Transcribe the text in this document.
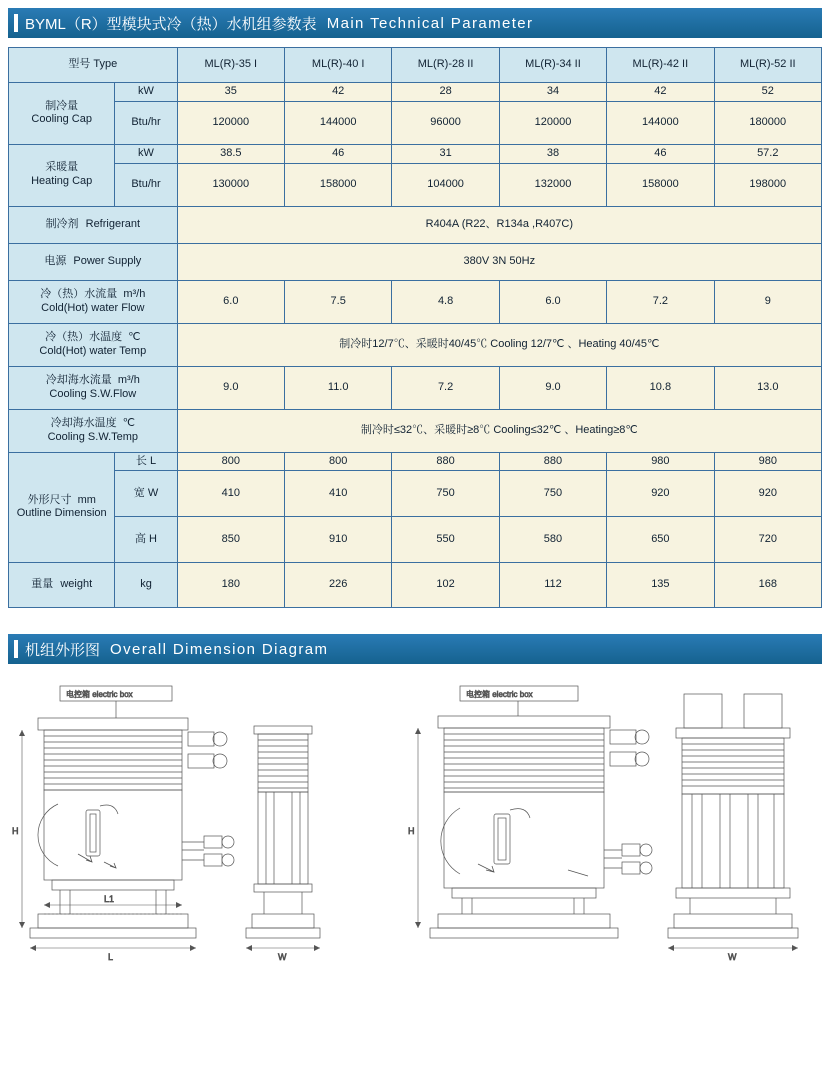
BYML（R）型模块式冷（热）水机组参数表 Main Technical Parameter
型号 Type		ML(R)-35 I	ML(R)-40 I	ML(R)-28 II	ML(R)-34 II	ML(R)-42 II	ML(R)-52 II

制冷量
Cooling Cap	kW	35	42	28	34	42	52
	Btu/hr	120000	144000	96000	120000	144000	180000

采暖量
Heating Cap	kW	38.5	46	31	38	46	57.2
	Btu/hr	130000	158000	104000	132000	158000	198000
制冷剂 Refrigerant		R404A (R22、R134a ,R407C)					
电源 Power Supply		380V 3N 50Hz					

冷（热）水流量 m³/h
Cold(Hot) water Flow		6.0	7.5	4.8	6.0	7.2	9

冷（热）水温度 ℃
Cold(Hot) water Temp		制冷时12/7℃、采暖时40/45℃ Cooling 12/7℃ 、Heating 40/45℃					

冷却海水流量 m³/h
Cooling S.W.Flow		9.0	11.0	7.2	9.0	10.8	13.0

冷却海水温度 ℃
Cooling S.W.Temp		制冷时≤32℃、采暖时≥8℃ Cooling≤32℃ 、Heating≥8℃					

外形尺寸 mm
Outline Dimension	长 L	800	800	880	880	980	980
	宽 W	410	410	750	750	920	920
	高 H	850	910	550	580	650	720
重量 weight	kg	180	226	102	112	135	168
机组外形图 Overall Dimension Diagram
电控箱 electric box
H
L1
L	W
电控箱 electric box
H
W
